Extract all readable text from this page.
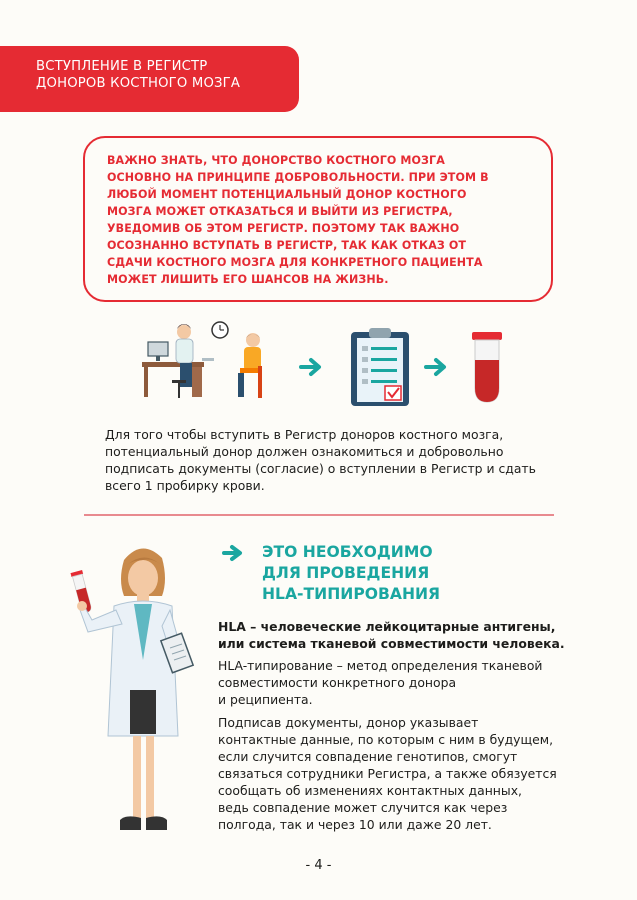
ВСТУПЛЕНИЕ В РЕГИСТР
ДОНОРОВ КОСТНОГО МОЗГА
ВАЖНО ЗНАТЬ, ЧТО ДОНОРСТВО КОСТНОГО МОЗГА
ОСНОВНО НА ПРИНЦИПЕ ДОБРОВОЛЬНОСТИ. ПРИ ЭТОМ В
ЛЮБОЙ МОМЕНТ ПОТЕНЦИАЛЬНЫЙ ДОНОР КОСТНОГО
МОЗГА МОЖЕТ ОТКАЗАТЬСЯ И ВЫЙТИ ИЗ РЕГИСТРА,
УВЕДОМИВ ОБ ЭТОМ РЕГИСТР. ПОЭТОМУ ТАК ВАЖНО
ОСОЗНАННО ВСТУПАТЬ В РЕГИСТР, ТАК КАК ОТКАЗ ОТ
СДАЧИ КОСТНОГО МОЗГА ДЛЯ КОНКРЕТНОГО ПАЦИЕНТА
МОЖЕТ ЛИШИТЬ ЕГО ШАНСОВ НА ЖИЗНЬ.
Для того чтобы вступить в Регистр доноров костного мозга,
потенциальный донор должен ознакомиться и добровольно
подписать документы (согласие) о вступлении в Регистр и сдать
всего 1 пробирку крови.
ЭТО НЕОБХОДИМО
ДЛЯ ПРОВЕДЕНИЯ
HLA-ТИПИРОВАНИЯ
HLA – человеческие лейкоцитарные антигены,
или система тканевой совместимости человека.
HLA-типирование – метод определения тканевой
совместимости конкретного донора
и реципиента.
Подписав документы, донор указывает
контактные данные, по которым с ним в будущем,
если случится совпадение генотипов, смогут
связаться сотрудники Регистра, а также обязуется
сообщать об изменениях контактных данных,
ведь совпадение может случится как через
полгода, так и через 10 или даже 20 лет.
- 4 -
